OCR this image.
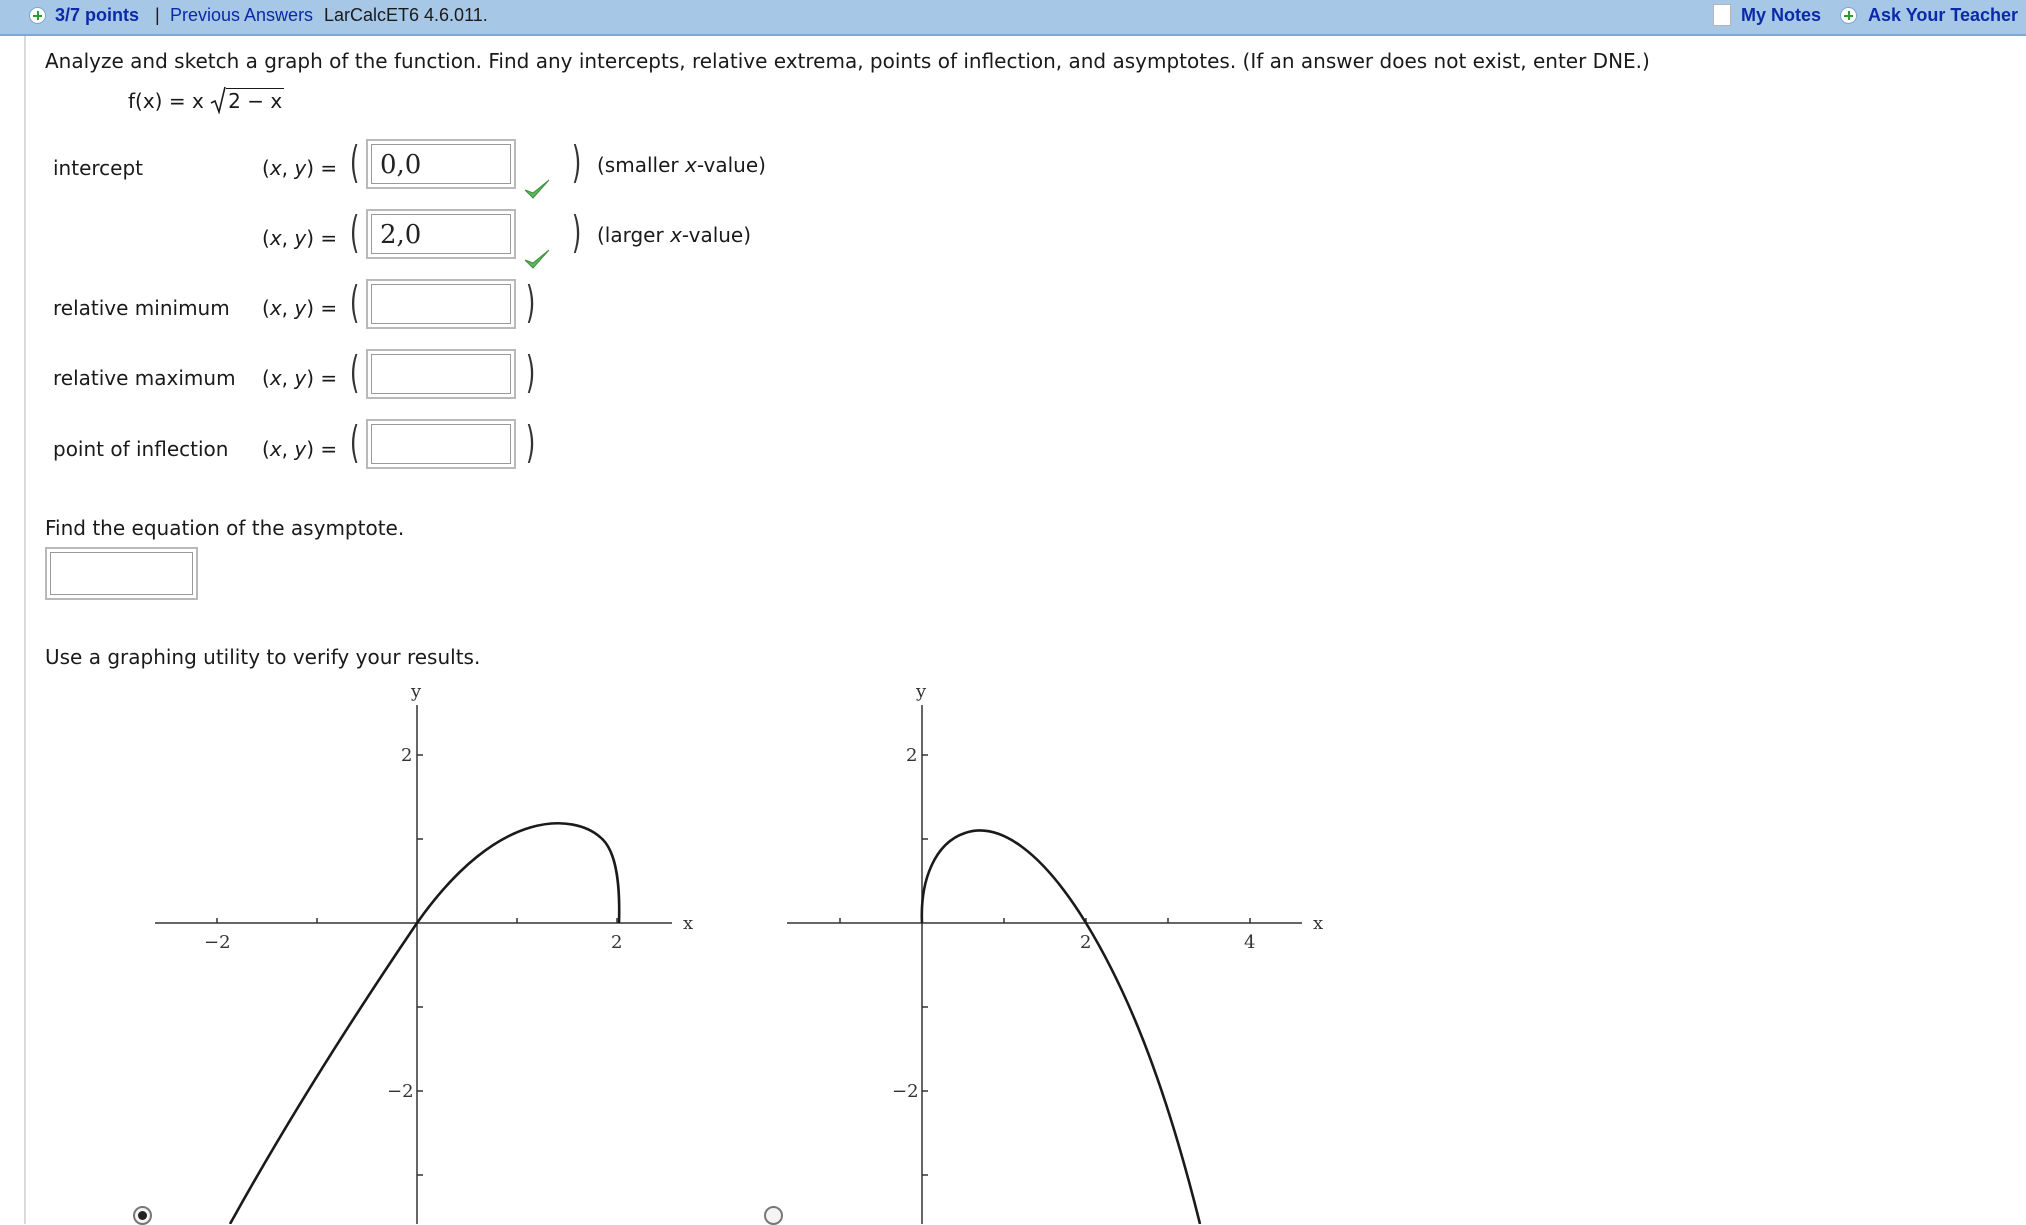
3/7 points | Previous Answers LarCalcET6 4.6.011.	My Notes	Ask Your Teacher
Analyze and sketch a graph of the function. Find any intercepts, relative extrema, points of inflection, and asymptotes. (If an answer does not exist, enter DNE.)
f(x) = x 2 − x
intercept	(x, y) = ( 0,0	) (smaller x-value)
(x, y) = ( 2,0	) (larger x-value)
relative minimum (x, y) = (	)
relative maximum (x, y) = (	)
point of inflection (x, y) = (	)
Find the equation of the asymptote.
Use a graphing utility to verify your results.
y
x
−2	2
2
−2
y
x
2	4
2
−2
